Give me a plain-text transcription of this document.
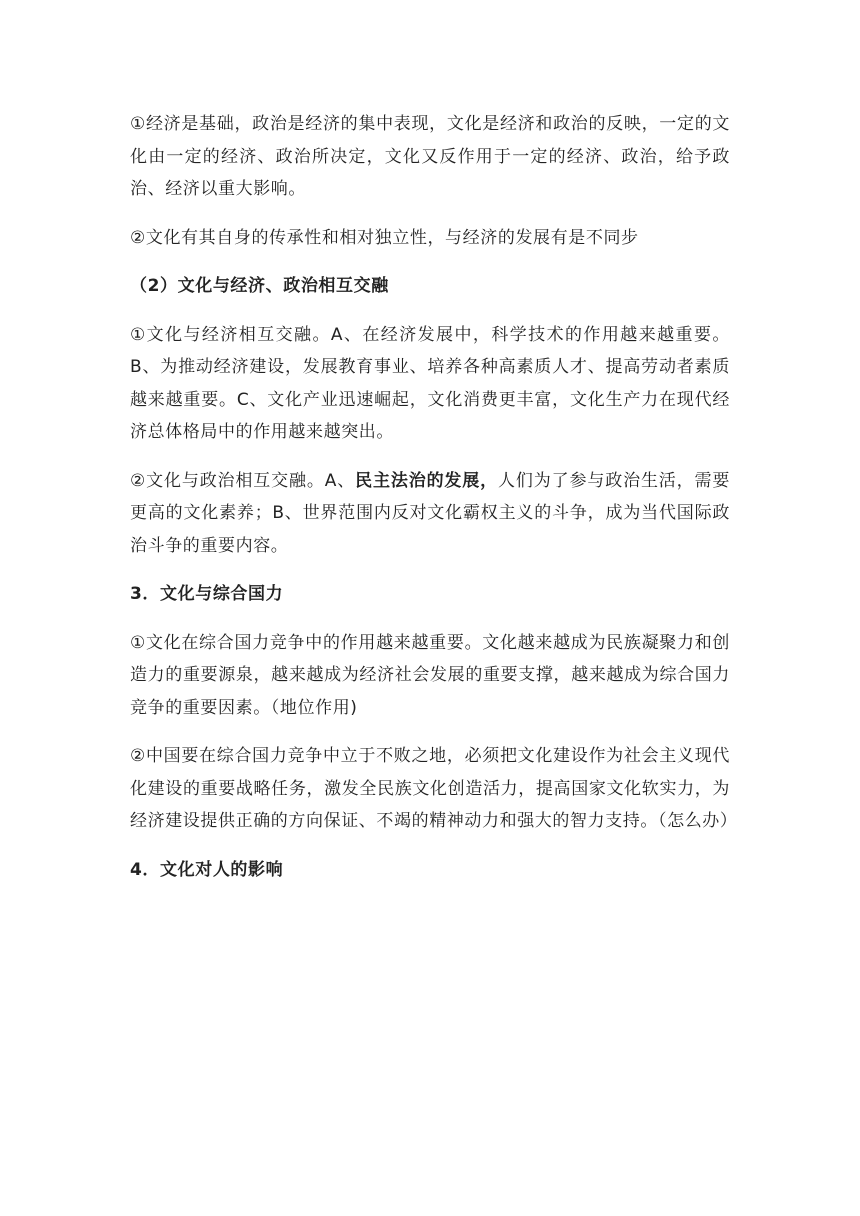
①经济是基础，政治是经济的集中表现，文化是经济和政治的反映，一定的文化由一定的经济、政治所决定，文化又反作用于一定的经济、政治，给予政治、经济以重大影响。

②文化有其自身的传承性和相对独立性，与经济的发展有是不同步

（2）文化与经济、政治相互交融

①文化与经济相互交融。A、在经济发展中，科学技术的作用越来越重要。B、为推动经济建设，发展教育事业、培养各种高素质人才、提高劳动者素质越来越重要。C、文化产业迅速崛起，文化消费更丰富，文化生产力在现代经济总体格局中的作用越来越突出。

②文化与政治相互交融。A、民主法治的发展，人们为了参与政治生活，需要更高的文化素养；B、世界范围内反对文化霸权主义的斗争，成为当代国际政治斗争的重要内容。

3．文化与综合国力

①文化在综合国力竞争中的作用越来越重要。文化越来越成为民族凝聚力和创造力的重要源泉，越来越成为经济社会发展的重要支撑，越来越成为综合国力竞争的重要因素。（地位作用)

②中国要在综合国力竞争中立于不败之地，必须把文化建设作为社会主义现代化建设的重要战略任务，激发全民族文化创造活力，提高国家文化软实力，为经济建设提供正确的方向保证、不竭的精神动力和强大的智力支持。（怎么办）

4．文化对人的影响
